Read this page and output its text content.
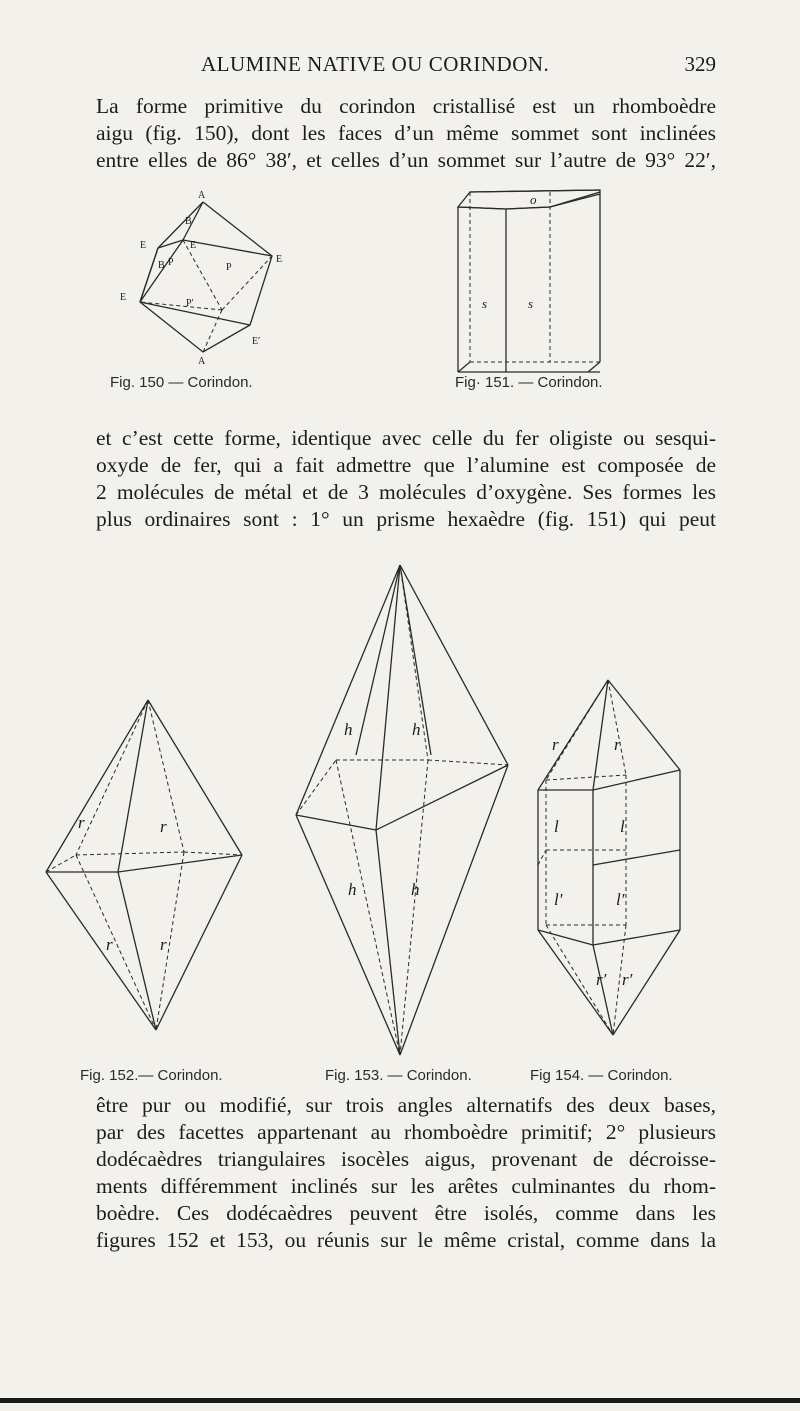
ALUMINE NATIVE OU CORINDON.	329

La forme primitive du corindon cristallisé est un rhomboèdre
aigu (fig. 150), dont les faces d’un même sommet sont inclinées
entre elles de 86° 38′, et celles d’un sommet sur l’autre de 93° 22′,

A
A
B
B
E	E
E
E
E′
P	P
P′
Fig. 150 — Corindon.
o
s	s
Fig· 151. — Corindon.

et c’est cette forme, identique avec celle du fer oligiste ou sesqui-
oxyde de fer, qui a fait admettre que l’alumine est composée de
2 molécules de métal et de 3 molécules d’oxygène. Ses formes les
plus ordinaires sont : 1° un prisme hexaèdre (fig. 151) qui peut

r	r
r	r
Fig. 152.— Corindon.
h	h
h	h
Fig. 153. — Corindon.
r	r
l	l
l′	l′
r′ r′
Fig 154. — Corindon.

être pur ou modifié, sur trois angles alternatifs des deux bases,
par des facettes appartenant au rhomboèdre primitif; 2° plusieurs
dodécaèdres triangulaires isocèles aigus, provenant de décroisse-
ments différemment inclinés sur les arêtes culminantes du rhom-
boèdre. Ces dodécaèdres peuvent être isolés, comme dans les
figures 152 et 153, ou réunis sur le même cristal, comme dans la
